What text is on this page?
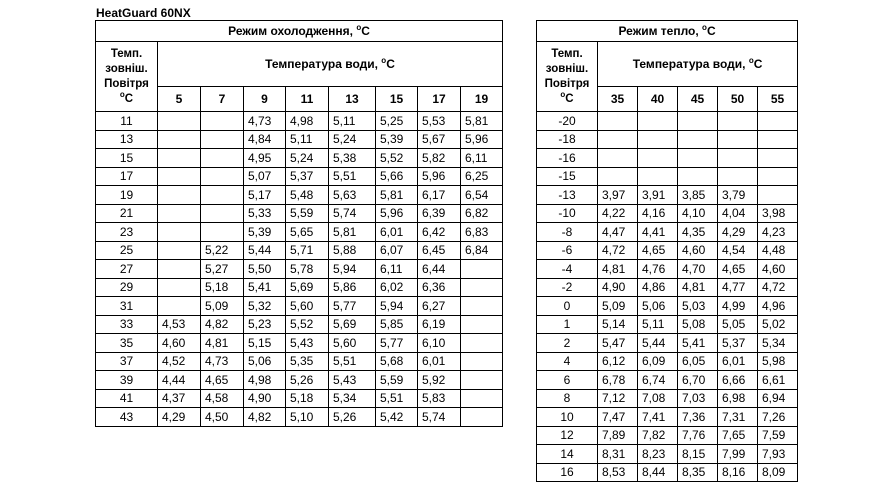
HeatGuard 60NX
Режим охолодження, $^o$C								
Темп.
зовніш.
Повітря
$^o$C	Температура води, $^o$C							
	5	7	9	11	13	15	17	19
11			4,73	4,98	5,11	5,25	5,53	5,81
13			4,84	5,11	5,24	5,39	5,67	5,96
15			4,95	5,24	5,38	5,52	5,82	6,11
17			5,07	5,37	5,51	5,66	5,96	6,25
19			5,17	5,48	5,63	5,81	6,17	6,54
21			5,33	5,59	5,74	5,96	6,39	6,82
23			5,39	5,65	5,81	6,01	6,42	6,83
25		5,22	5,44	5,71	5,88	6,07	6,45	6,84
27		5,27	5,50	5,78	5,94	6,11	6,44	
29		5,18	5,41	5,69	5,86	6,02	6,36	
31		5,09	5,32	5,60	5,77	5,94	6,27	
33	4,53	4,82	5,23	5,52	5,69	5,85	6,19	
35	4,60	4,81	5,15	5,43	5,60	5,77	6,10	
37	4,52	4,73	5,06	5,35	5,51	5,68	6,01	
39	4,44	4,65	4,98	5,26	5,43	5,59	5,92	
41	4,37	4,58	4,90	5,18	5,34	5,51	5,83	
43	4,29	4,50	4,82	5,10	5,26	5,42	5,74	
Режим тепло, $^o$C					
Темп.
зовніш.
Повітря
$^o$C	Температура води, $^o$C				
	35	40	45	50	55
-20					
-18					
-16					
-15					
-13	3,97	3,91	3,85	3,79	
-10	4,22	4,16	4,10	4,04	3,98
-8	4,47	4,41	4,35	4,29	4,23
-6	4,72	4,65	4,60	4,54	4,48
-4	4,81	4,76	4,70	4,65	4,60
-2	4,90	4,86	4,81	4,77	4,72
0	5,09	5,06	5,03	4,99	4,96
1	5,14	5,11	5,08	5,05	5,02
2	5,47	5,44	5,41	5,37	5,34
4	6,12	6,09	6,05	6,01	5,98
6	6,78	6,74	6,70	6,66	6,61
8	7,12	7,08	7,03	6,98	6,94
10	7,47	7,41	7,36	7,31	7,26
12	7,89	7,82	7,76	7,65	7,59
14	8,31	8,23	8,15	7,99	7,93
16	8,53	8,44	8,35	8,16	8,09
